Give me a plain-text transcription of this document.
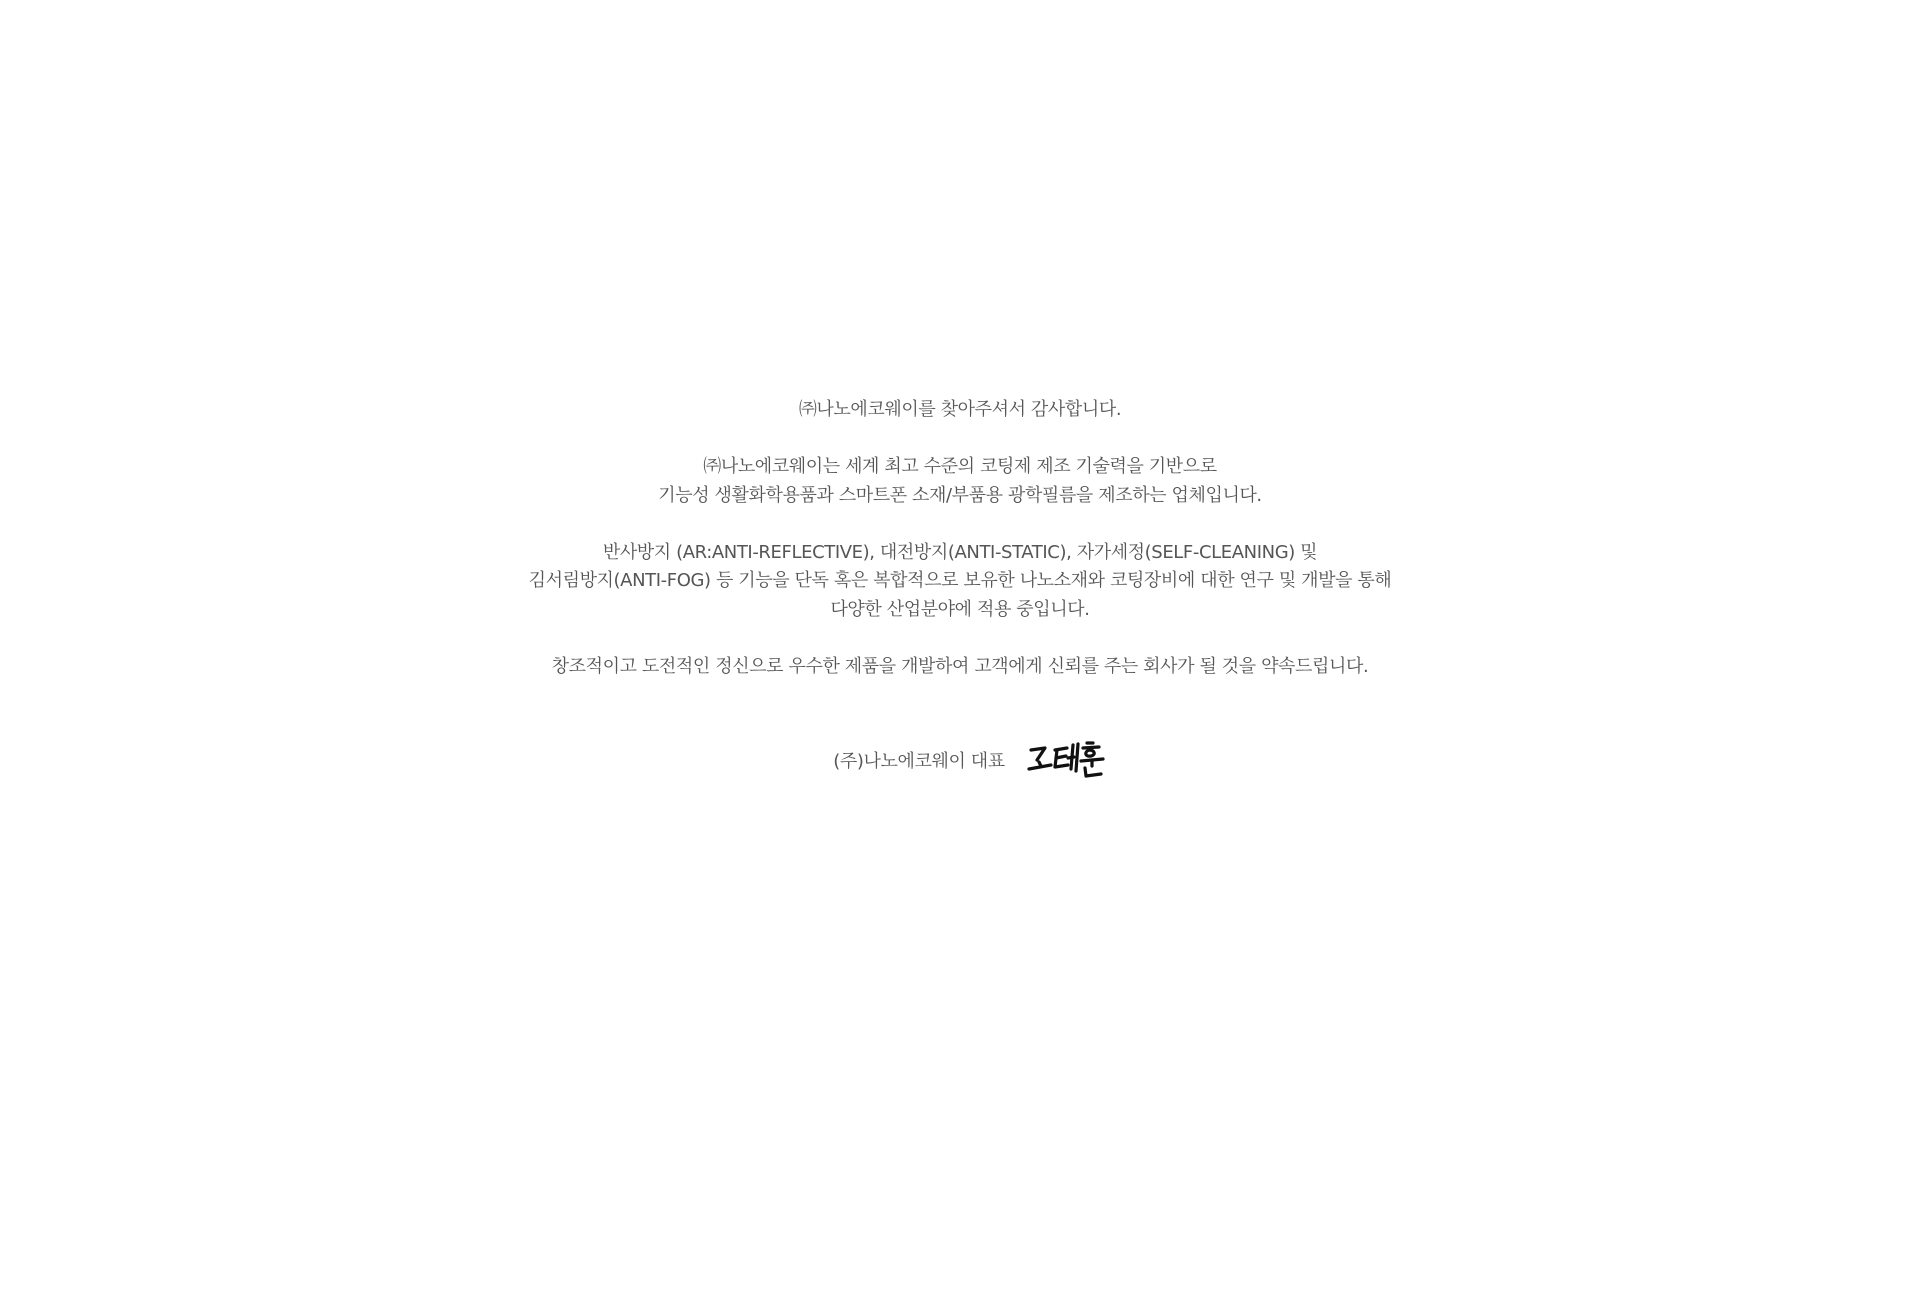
㈜나노에코웨이를 찾아주셔서 감사합니다.

㈜나노에코웨이는 세계 최고 수준의 코팅제 제조 기술력을 기반으로

기능성 생활화학용품과 스마트폰 소재/부품용 광학필름을 제조하는 업체입니다.

반사방지 (AR:ANTI-REFLECTIVE), 대전방지(ANTI-STATIC), 자가세정(SELF-CLEANING) 및

김서림방지(ANTI-FOG) 등 기능을 단독 혹은 복합적으로 보유한 나노소재와 코팅장비에 대한 연구 및 개발을 통해

다양한 산업분야에 적용 중입니다.

창조적이고 도전적인 정신으로 우수한 제품을 개발하여 고객에게 신뢰를 주는 회사가 될 것을 약속드립니다.

(주)나노에코웨이 대표
